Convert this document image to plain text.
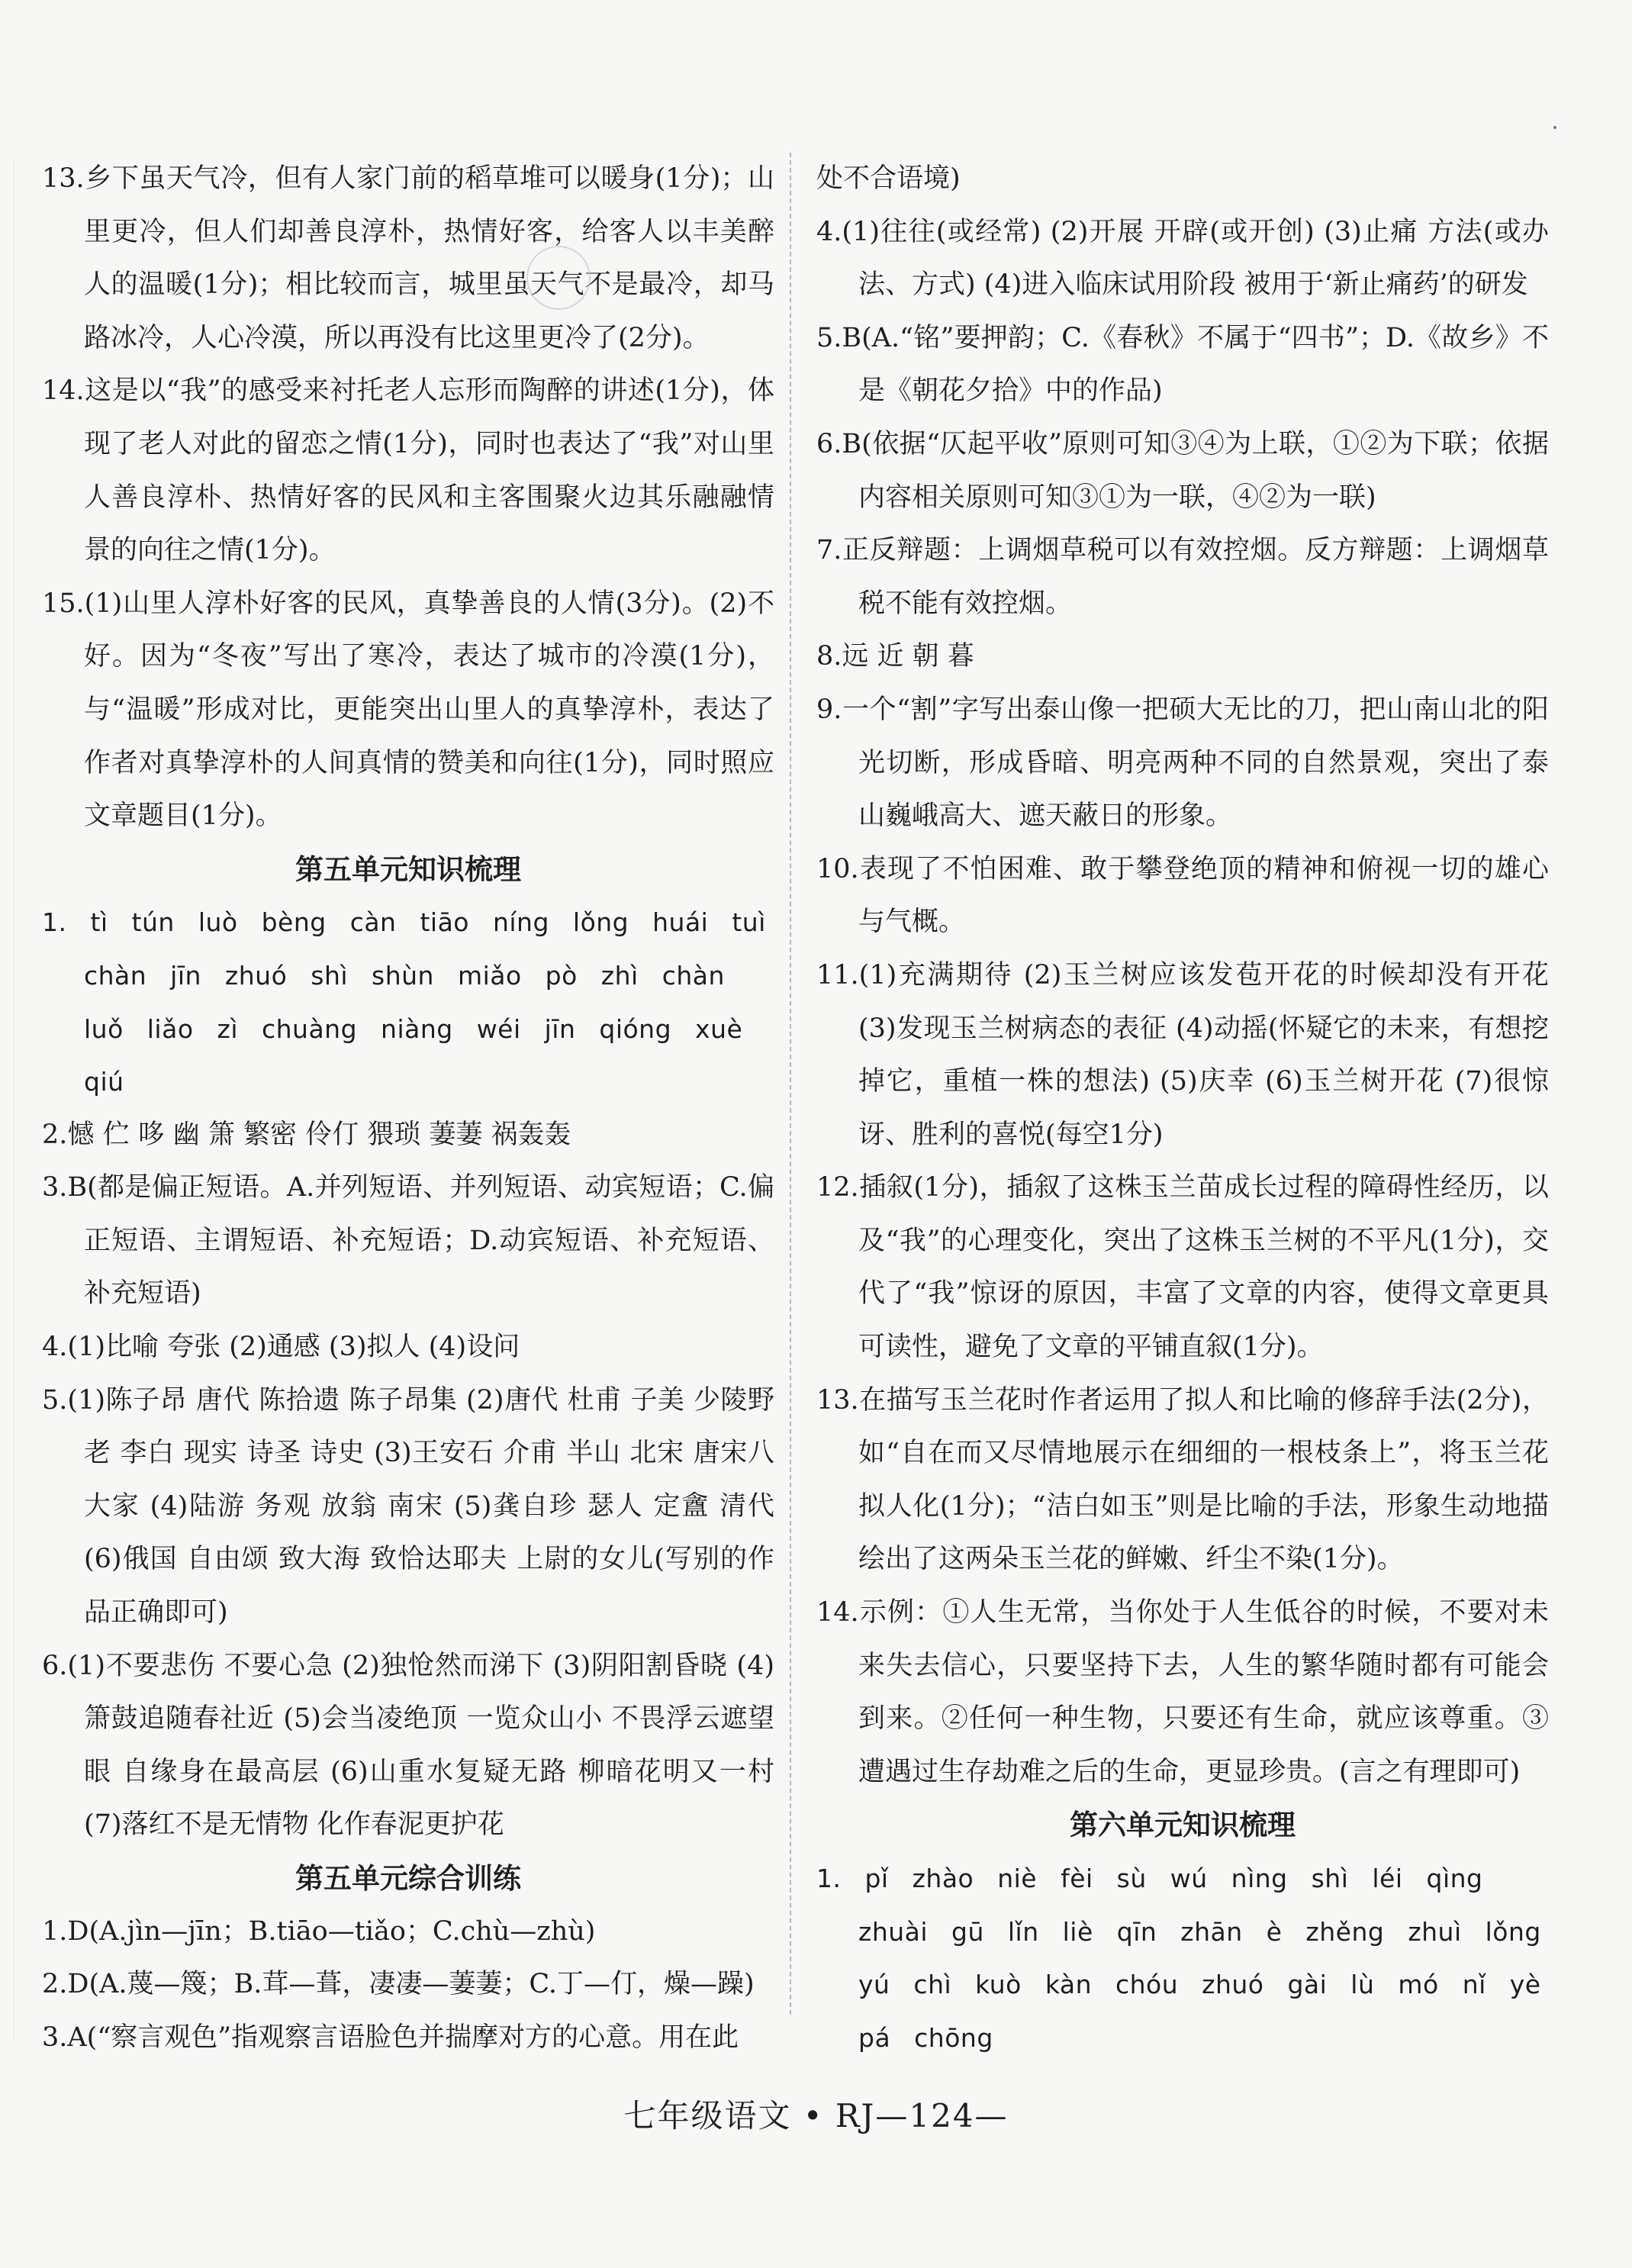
13.乡下虽天气冷，但有人家门前的稻草堆可以暖身(1分)；山里更冷，但人们却善良淳朴，热情好客，给客人以丰美醉人的温暖(1分)；相比较而言，城里虽天气不是最冷，却马路冰冷，人心冷漠，所以再没有比这里更冷了(2分)。

14.这是以“我”的感受来衬托老人忘形而陶醉的讲述(1分)，体现了老人对此的留恋之情(1分)，同时也表达了“我”对山里人善良淳朴、热情好客的民风和主客围聚火边其乐融融情景的向往之情(1分)。

15.(1)山里人淳朴好客的民风，真挚善良的人情(3分)。(2)不好。因为“冬夜”写出了寒冷，表达了城市的冷漠(1分)，与“温暖”形成对比，更能突出山里人的真挚淳朴，表达了作者对真挚淳朴的人间真情的赞美和向往(1分)，同时照应文章题目(1分)。

第五单元知识梳理

1. tì tún luò bèng càn tiāo níng lǒng huái tuì chàn jīn zhuó shì shùn miǎo pò zhì chàn luǒ liǎo zì chuàng niàng wéi jīn qióng xuè qiú

2.憾 伫 哆 幽 箫 繁密 伶仃 猥琐 萋萋 祸轰轰

3.B(都是偏正短语。A.并列短语、并列短语、动宾短语；C.偏正短语、主谓短语、补充短语；D.动宾短语、补充短语、补充短语)

4.(1)比喻 夸张 (2)通感 (3)拟人 (4)设问

5.(1)陈子昂 唐代 陈拾遗 陈子昂集 (2)唐代 杜甫 子美 少陵野老 李白 现实 诗圣 诗史 (3)王安石 介甫 半山 北宋 唐宋八大家 (4)陆游 务观 放翁 南宋 (5)龚自珍 瑟人 定盦 清代 (6)俄国 自由颂 致大海 致恰达耶夫 上尉的女儿(写别的作品正确即可)

6.(1)不要悲伤 不要心急 (2)独怆然而涕下 (3)阴阳割昏晓 (4)箫鼓追随春社近 (5)会当凌绝顶 一览众山小 不畏浮云遮望眼 自缘身在最高层 (6)山重水复疑无路 柳暗花明又一村 (7)落红不是无情物 化作春泥更护花

第五单元综合训练

1.D(A.jìn—jīn；B.tiāo—tiǎo；C.chù—zhù)

2.D(A.蔑—篾；B.茸—葺，凄凄—萋萋；C.丁—仃，燥—躁)

3.A(“察言观色”指观察言语脸色并揣摩对方的心意。用在此

处不合语境)

4.(1)往往(或经常) (2)开展 开辟(或开创) (3)止痛 方法(或办法、方式) (4)进入临床试用阶段 被用于‘新止痛药’的研发

5.B(A.“铭”要押韵；C.《春秋》不属于“四书”；D.《故乡》不是《朝花夕拾》中的作品)

6.B(依据“仄起平收”原则可知③④为上联，①②为下联；依据内容相关原则可知③①为一联，④②为一联)

7.正反辩题：上调烟草税可以有效控烟。反方辩题：上调烟草税不能有效控烟。

8.远 近 朝 暮

9.一个“割”字写出泰山像一把硕大无比的刀，把山南山北的阳光切断，形成昏暗、明亮两种不同的自然景观，突出了泰山巍峨高大、遮天蔽日的形象。

10.表现了不怕困难、敢于攀登绝顶的精神和俯视一切的雄心与气概。

11.(1)充满期待 (2)玉兰树应该发苞开花的时候却没有开花 (3)发现玉兰树病态的表征 (4)动摇(怀疑它的未来，有想挖掉它，重植一株的想法) (5)庆幸 (6)玉兰树开花 (7)很惊讶、胜利的喜悦(每空1分)

12.插叙(1分)，插叙了这株玉兰苗成长过程的障碍性经历，以及“我”的心理变化，突出了这株玉兰树的不平凡(1分)，交代了“我”惊讶的原因，丰富了文章的内容，使得文章更具可读性，避免了文章的平铺直叙(1分)。

13.在描写玉兰花时作者运用了拟人和比喻的修辞手法(2分)，如“自在而又尽情地展示在细细的一根枝条上”，将玉兰花拟人化(1分)；“洁白如玉”则是比喻的手法，形象生动地描绘出了这两朵玉兰花的鲜嫩、纤尘不染(1分)。

14.示例：①人生无常，当你处于人生低谷的时候，不要对未来失去信心，只要坚持下去，人生的繁华随时都有可能会到来。②任何一种生物，只要还有生命，就应该尊重。③遭遇过生存劫难之后的生命，更显珍贵。(言之有理即可)

第六单元知识梳理

1. pǐ zhào niè fèi sù wú nìng shì léi qìng zhuài gū lǐn liè qīn zhān è zhěng zhuì lǒng yú chì kuò kàn chóu zhuó gài lù mó nǐ yè pá chōng

七年级语文 • RJ—124—
